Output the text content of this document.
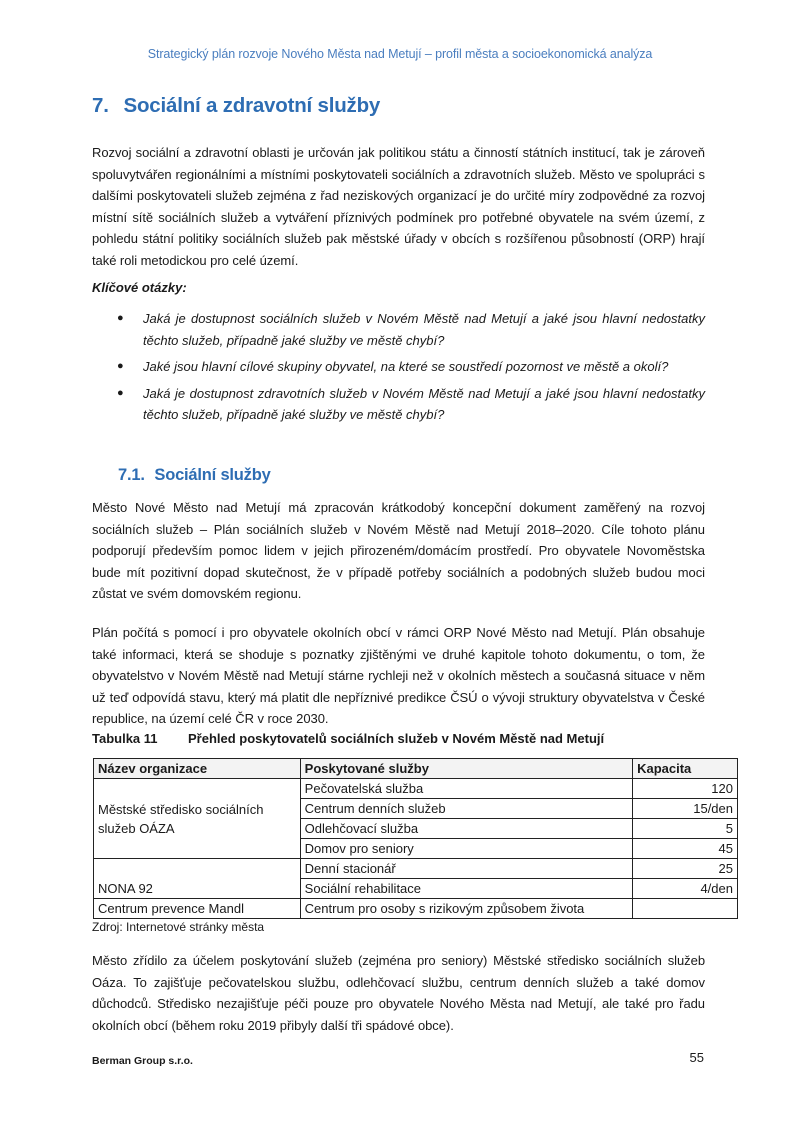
Strategický plán rozvoje Nového Města nad Metují – profil města a socioekonomická analýza
7. Sociální a zdravotní služby

Rozvoj sociální a zdravotní oblasti je určován jak politikou státu a činností státních institucí, tak je zároveň spoluvytvářen regionálními a místními poskytovateli sociálních a zdravotních služeb. Město ve spolupráci s dalšími poskytovateli služeb zejména z řad neziskových organizací je do určité míry zodpovědné za rozvoj místní sítě sociálních služeb a vytváření příznivých podmínek pro potřebné obyvatele na svém území, z pohledu státní politiky sociálních služeb pak městské úřady v obcích s rozšířenou působností (ORP) hrají také roli metodickou pro celé území.

Klíčové otázky:

● Jaká je dostupnost sociálních služeb v Novém Městě nad Metují a jaké jsou hlavní nedostatky těchto služeb, případně jaké služby ve městě chybí?
● Jaké jsou hlavní cílové skupiny obyvatel, na které se soustředí pozornost ve městě a okolí?
● Jaká je dostupnost zdravotních služeb v Novém Městě nad Metují a jaké jsou hlavní nedostatky těchto služeb, případně jaké služby ve městě chybí?
7.1. Sociální služby

Město Nové Město nad Metují má zpracován krátkodobý koncepční dokument zaměřený na rozvoj sociálních služeb – Plán sociálních služeb v Novém Městě nad Metují 2018–2020. Cíle tohoto plánu podporují především pomoc lidem v jejich přirozeném/domácím prostředí. Pro obyvatele Novoměstska bude mít pozitivní dopad skutečnost, že v případě potřeby sociálních a podobných služeb budou moci zůstat ve svém domovském regionu.

Plán počítá s pomocí i pro obyvatele okolních obcí v rámci ORP Nové Město nad Metují. Plán obsahuje také informaci, která se shoduje s poznatky zjištěnými ve druhé kapitole tohoto dokumentu, o tom, že obyvatelstvo v Novém Městě nad Metují stárne rychleji než v okolních městech a současná situace v něm už teď odpovídá stavu, který má platit dle nepříznivé predikce ČSÚ o vývoji struktury obyvatelstva v České republice, na území celé ČR v roce 2030.

Tabulka 11 Přehled poskytovatelů sociálních služeb v Novém Městě nad Metují
Název organizace	Poskytované služby	Kapacita
Městské středisko sociálních služeb OÁZA	Pečovatelská služba	120
	Centrum denních služeb	15/den
	Odlehčovací služba	5
	Domov pro seniory	45
NONA 92	Denní stacionář	25
	Sociální rehabilitace	4/den
Centrum prevence Mandl	Centrum pro osoby s rizikovým způsobem života	
Zdroj: Internetové stránky města

Město zřídilo za účelem poskytování služeb (zejména pro seniory) Městské středisko sociálních služeb Oáza. To zajišťuje pečovatelskou službu, odlehčovací službu, centrum denních služeb a také domov důchodců. Středisko nezajišťuje péči pouze pro obyvatele Nového Města nad Metují, ale také pro řadu okolních obcí (během roku 2019 přibyly další tři spádové obce).

Berman Group s.r.o.	55
